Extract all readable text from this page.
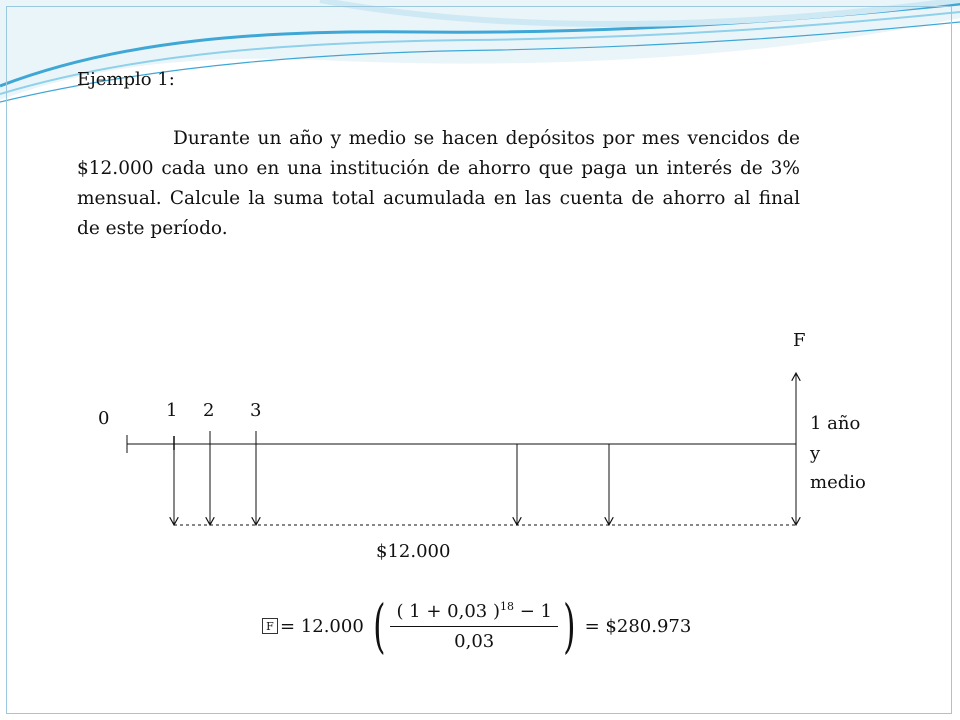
Ejemplo 1:
Durante un año y medio se hacen depósitos por mes vencidos de $12.000 cada uno en una institución de ahorro que paga un interés de 3% mensual. Calcule la suma total acumulada en las cuenta de ahorro al final de este período.
0	1 2 3
F
1 año
y
medio
$12.000
F = 12.000 ( $\frac{( 1 + 0,03 )^{18} - 1}{0,03}$ ) = $280.973
